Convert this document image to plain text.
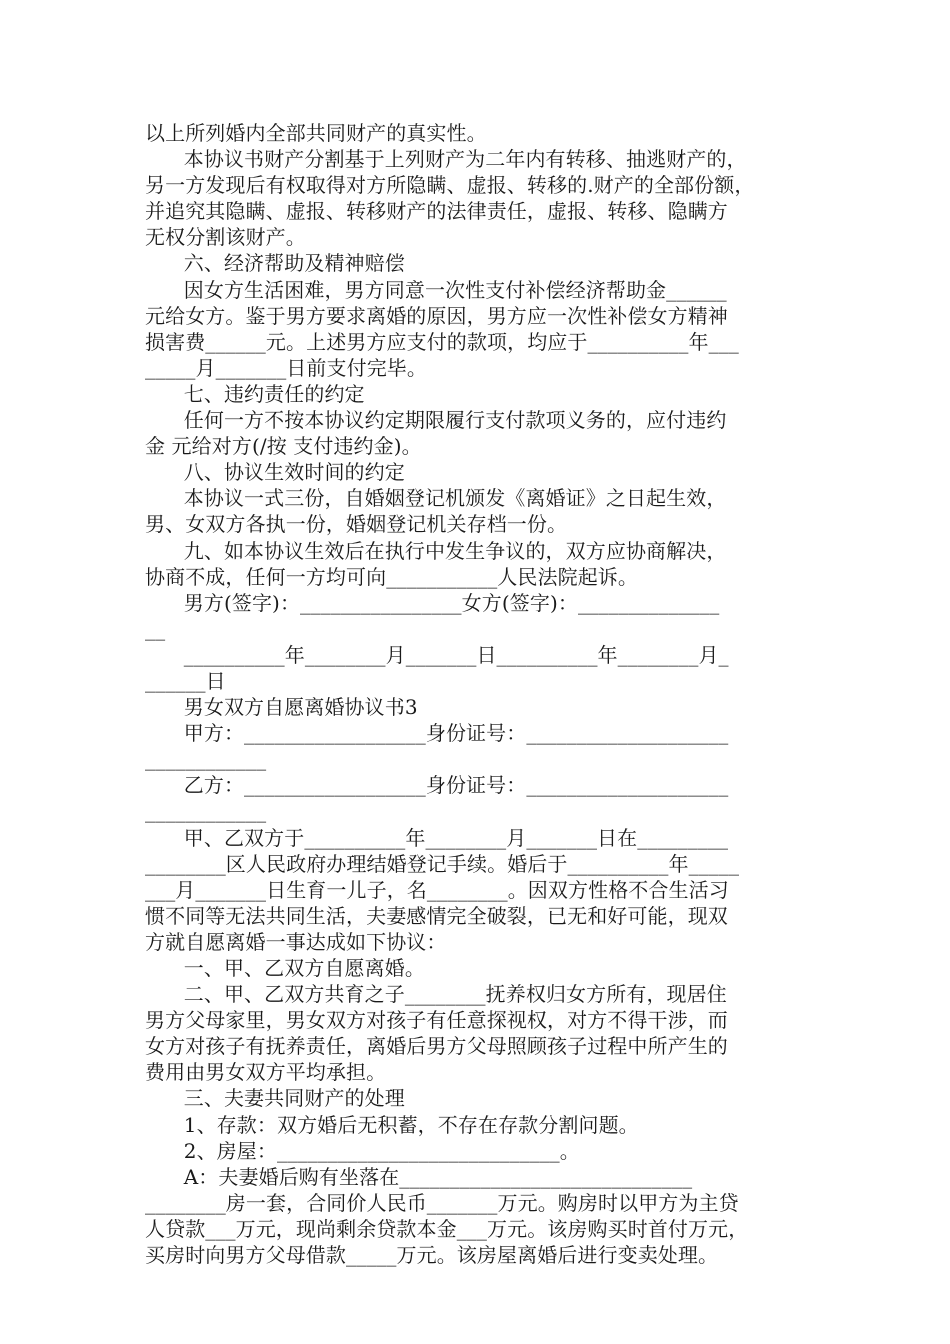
以上所列婚内全部共同财产的真实性。
本协议书财产分割基于上列财产为二年内有转移、抽逃财产的，
另一方发现后有权取得对方所隐瞒、虚报、转移的.财产的全部份额，
并追究其隐瞒、虚报、转移财产的法律责任，虚报、转移、隐瞒方
无权分割该财产。
六、经济帮助及精神赔偿
因女方生活困难，男方同意一次性支付补偿经济帮助金______
元给女方。鉴于男方要求离婚的原因，男方应一次性补偿女方精神
损害费______元。上述男方应支付的款项，均应于__________年___
_____月_______日前支付完毕。
七、违约责任的约定
任何一方不按本协议约定期限履行支付款项义务的，应付违约
金 元给对方(/按 支付违约金)。
八、协议生效时间的约定
本协议一式三份，自婚姻登记机颁发《离婚证》之日起生效，
男、女双方各执一份，婚姻登记机关存档一份。
九、如本协议生效后在执行中发生争议的，双方应协商解决，
协商不成，任何一方均可向___________人民法院起诉。
男方(签字)：________________女方(签字)：______________
__
__________年________月_______日__________年________月_
______日
男女双方自愿离婚协议书3
甲方：__________________身份证号：____________________
____________
乙方：__________________身份证号：____________________
____________
甲、乙双方于__________年________月_______日在_________
________区人民政府办理结婚登记手续。婚后于__________年_____
___月_______日生育一儿子，名________。因双方性格不合生活习
惯不同等无法共同生活，夫妻感情完全破裂，已无和好可能，现双
方就自愿离婚一事达成如下协议：
一、甲、乙双方自愿离婚。
二、甲、乙双方共育之子________抚养权归女方所有，现居住
男方父母家里，男女双方对孩子有任意探视权，对方不得干涉，而
女方对孩子有抚养责任，离婚后男方父母照顾孩子过程中所产生的
费用由男女双方平均承担。
三、夫妻共同财产的处理
1、存款：双方婚后无积蓄，不存在存款分割问题。
2、房屋：____________________________。
A：夫妻婚后购有坐落在_____________________________
________房一套，合同价人民币_______万元。购房时以甲方为主贷
人贷款___万元，现尚剩余贷款本金___万元。该房购买时首付万元，
买房时向男方父母借款_____万元。该房屋离婚后进行变卖处理。
